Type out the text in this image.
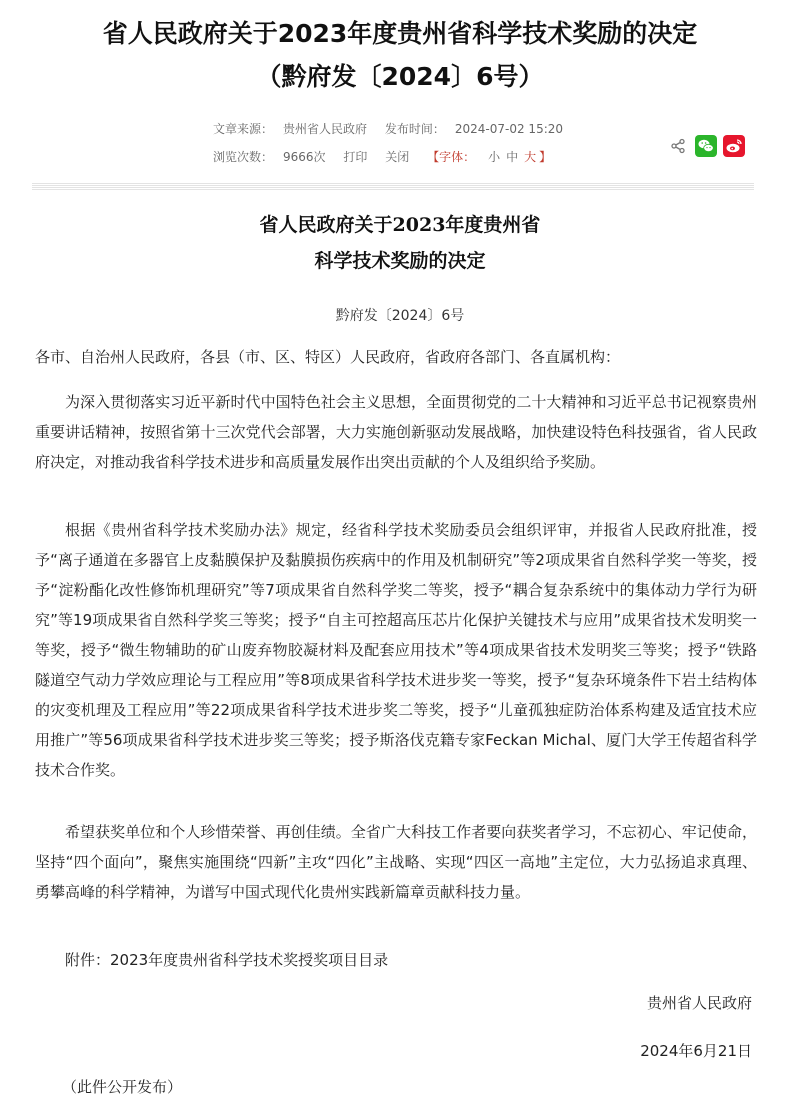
省人民政府关于2023年度贵州省科学技术奖励的决定
（黔府发〔2024〕6号）
文章来源： 贵州省人民政府 发布时间： 2024-07-02 15:20
浏览次数： 9666次 打印 关闭 【字体： 小 中 大 】
省人民政府关于2023年度贵州省
科学技术奖励的决定
黔府发〔2024〕6号

各市、自治州人民政府，各县（市、区、特区）人民政府，省政府各部门、各直属机构：

为深入贯彻落实习近平新时代中国特色社会主义思想，全面贯彻党的二十大精神和习近平总书记视察贵州重要讲话精神，按照省第十三次党代会部署，大力实施创新驱动发展战略，加快建设特色科技强省，省人民政府决定，对推动我省科学技术进步和高质量发展作出突出贡献的个人及组织给予奖励。

根据《贵州省科学技术奖励办法》规定，经省科学技术奖励委员会组织评审，并报省人民政府批准，授予“离子通道在多器官上皮黏膜保护及黏膜损伤疾病中的作用及机制研究”等2项成果省自然科学奖一等奖，授予“淀粉酯化改性修饰机理研究”等7项成果省自然科学奖二等奖，授予“耦合复杂系统中的集体动力学行为研究”等19项成果省自然科学奖三等奖；授予“自主可控超高压芯片化保护关键技术与应用”成果省技术发明奖一等奖，授予“微生物辅助的矿山废弃物胶凝材料及配套应用技术”等4项成果省技术发明奖三等奖；授予“铁路隧道空气动力学效应理论与工程应用”等8项成果省科学技术进步奖一等奖，授予“复杂环境条件下岩土结构体的灾变机理及工程应用”等22项成果省科学技术进步奖二等奖，授予“儿童孤独症防治体系构建及适宜技术应用推广”等56项成果省科学技术进步奖三等奖；授予斯洛伐克籍专家Feckan Michal、厦门大学王传超省科学技术合作奖。

希望获奖单位和个人珍惜荣誉、再创佳绩。全省广大科技工作者要向获奖者学习，不忘初心、牢记使命，坚持“四个面向”，聚焦实施围绕“四新”主攻“四化”主战略、实现“四区一高地”主定位，大力弘扬追求真理、勇攀高峰的科学精神，为谱写中国式现代化贵州实践新篇章贡献科技力量。

附件：2023年度贵州省科学技术奖授奖项目目录

贵州省人民政府
2024年6月21日
（此件公开发布）
